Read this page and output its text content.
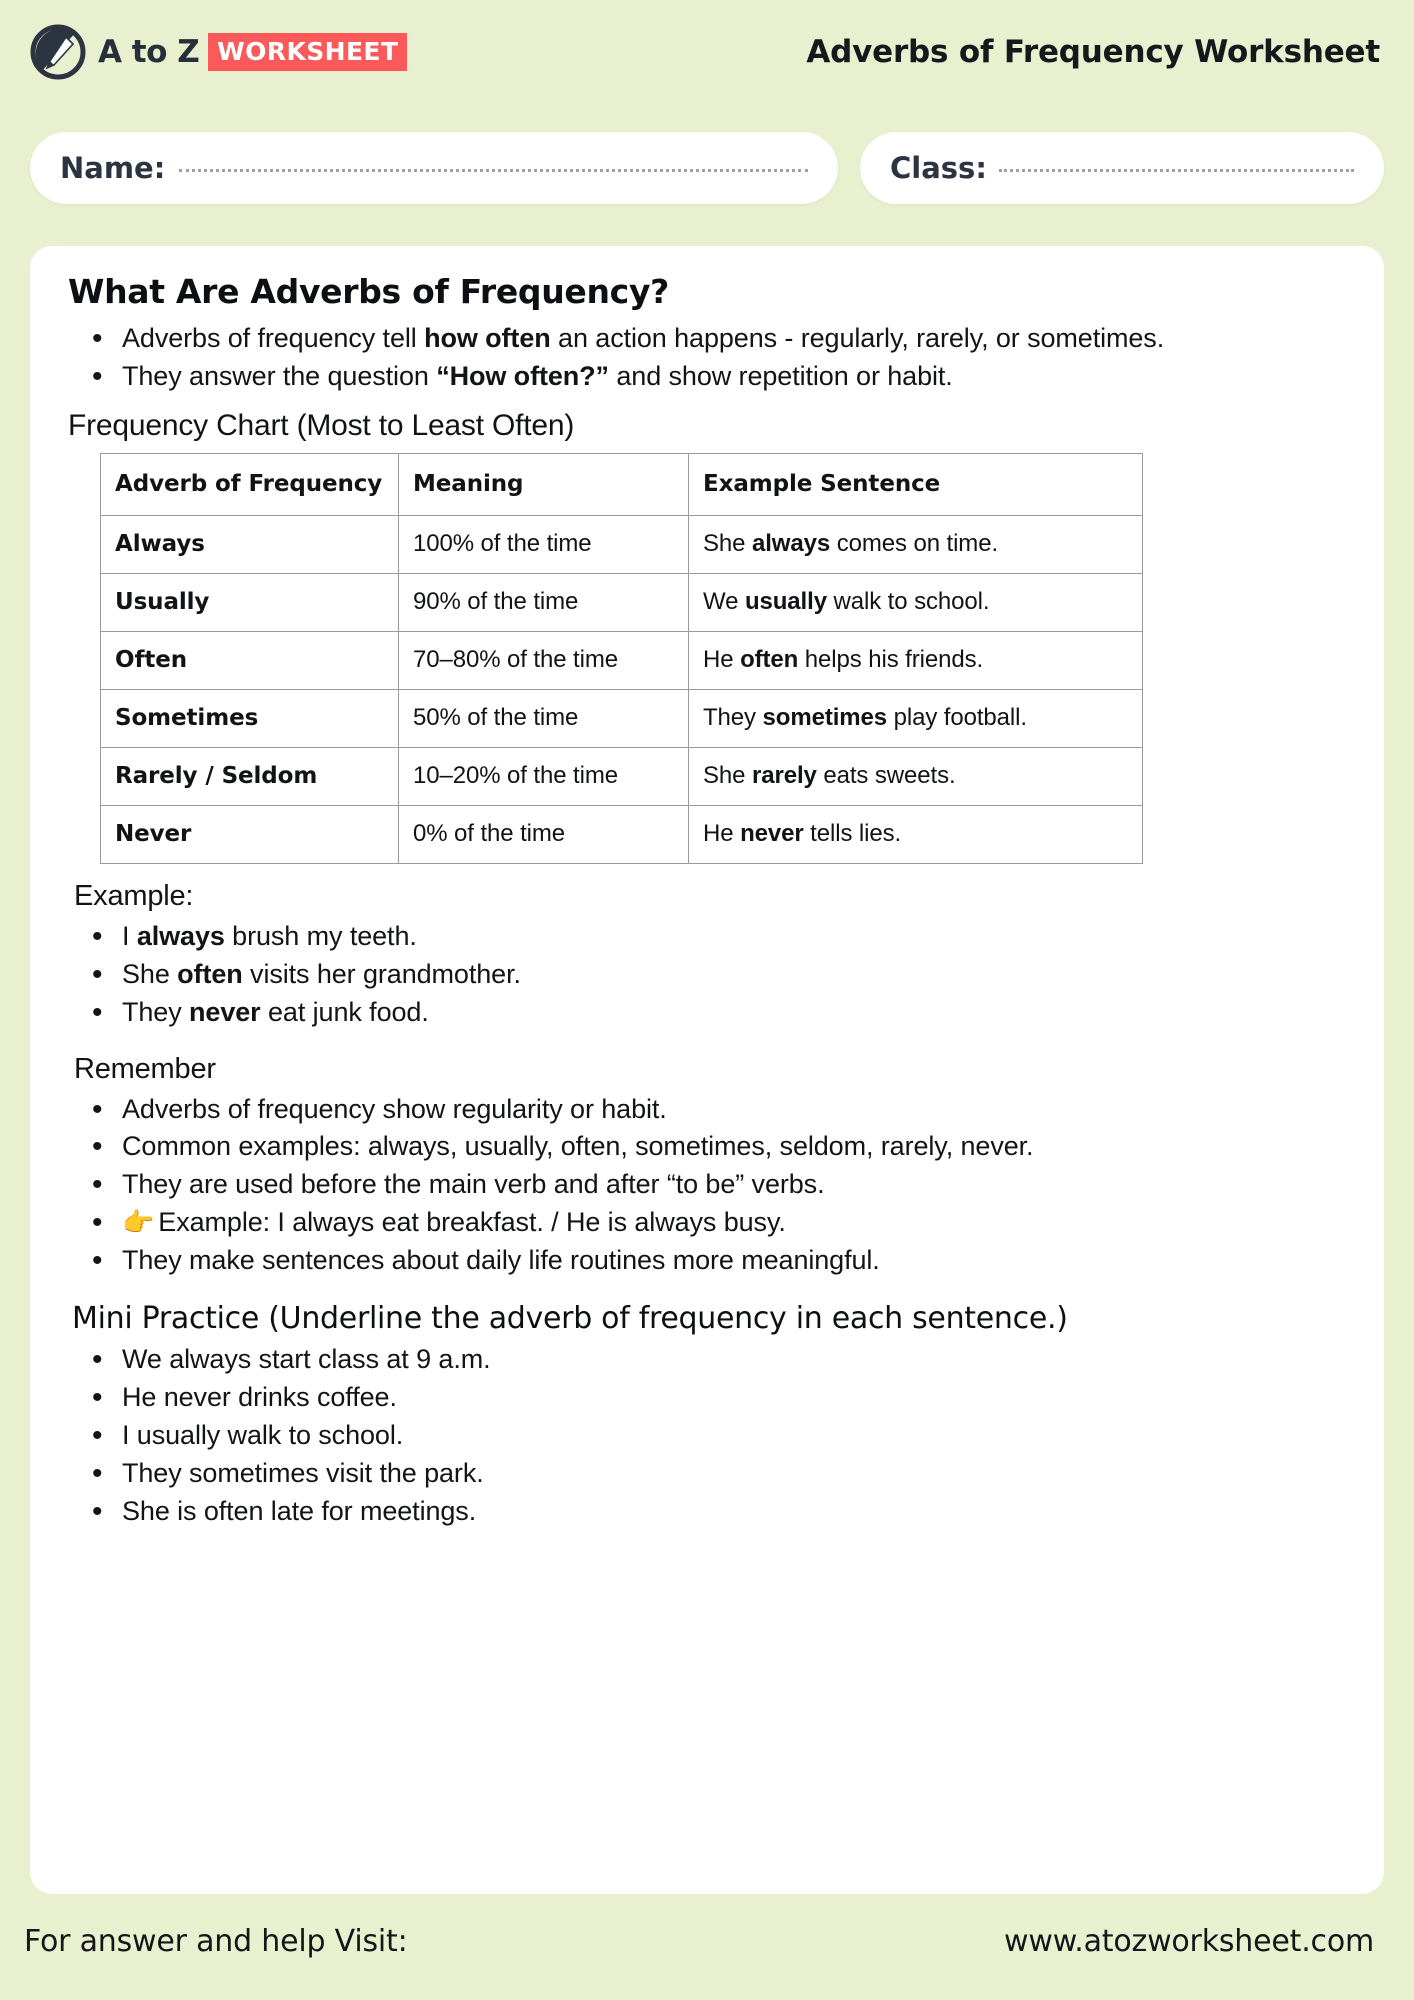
A to Z WORKSHEET	Adverbs of Frequency Worksheet
Name:	Class:
What Are Adverbs of Frequency?
• Adverbs of frequency tell how often an action happens - regularly, rarely, or sometimes.
• They answer the question “How often?” and show repetition or habit.
Frequency Chart (Most to Least Often)
Adverb of Frequency	Meaning	Example Sentence
Always	100% of the time	She always comes on time.
Usually	90% of the time	We usually walk to school.
Often	70–80% of the time	He often helps his friends.
Sometimes	50% of the time	They sometimes play football.
Rarely / Seldom	10–20% of the time	She rarely eats sweets.
Never	0% of the time	He never tells lies.
Example:
• I always brush my teeth.
• She often visits her grandmother.
• They never eat junk food.
Remember
• Adverbs of frequency show regularity or habit.
• Common examples: always, usually, often, sometimes, seldom, rarely, never.
• They are used before the main verb and after “to be” verbs.
• 👉 Example: I always eat breakfast. / He is always busy.
• They make sentences about daily life routines more meaningful.
Mini Practice (Underline the adverb of frequency in each sentence.)
• We always start class at 9 a.m.
• He never drinks coffee.
• I usually walk to school.
• They sometimes visit the park.
• She is often late for meetings.
For answer and help Visit:	www.atozworksheet.com
